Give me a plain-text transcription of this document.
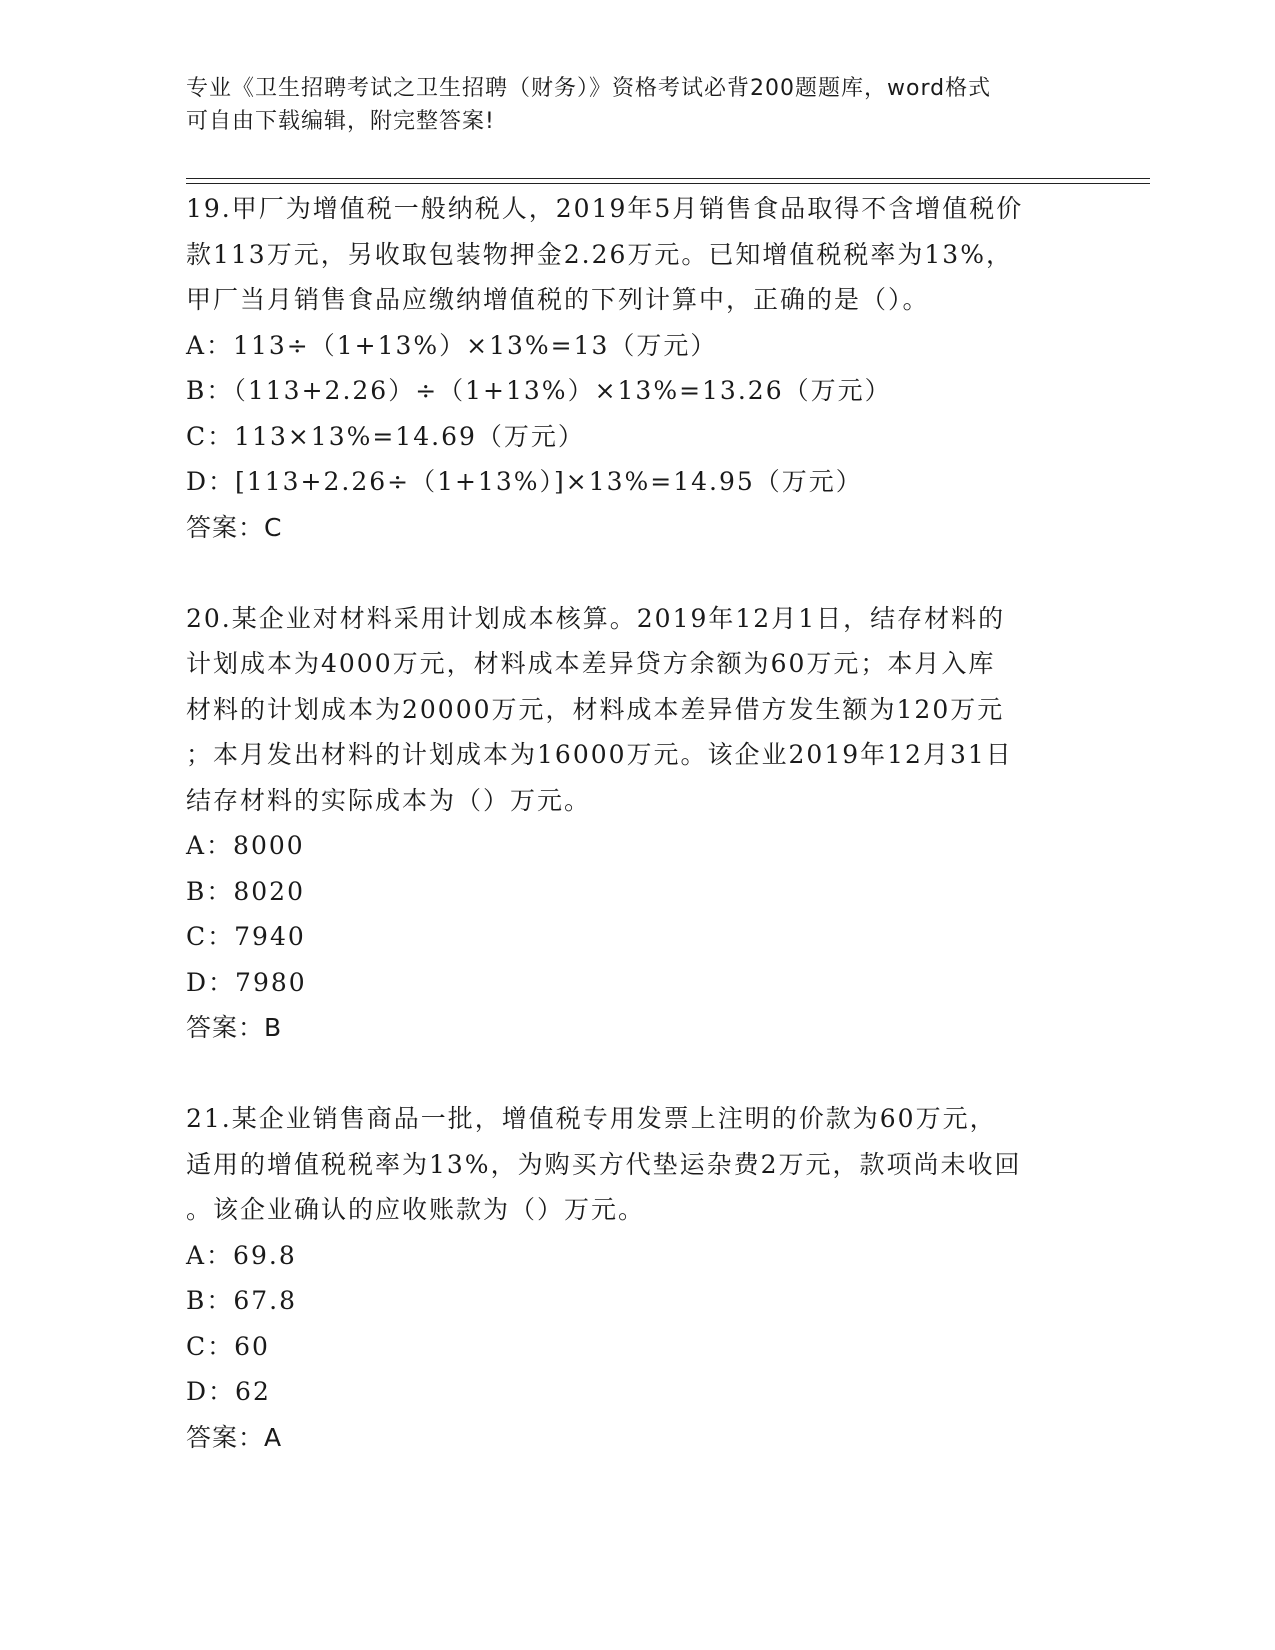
专业《卫生招聘考试之卫生招聘（财务）》资格考试必背200题题库，word格式
可自由下载编辑，附完整答案!
19.甲厂为增值税一般纳税人，2019年5月销售食品取得不含增值税价
款113万元，另收取包装物押金2.26万元。已知增值税税率为13%，
甲厂当月销售食品应缴纳增值税的下列计算中，正确的是（）。
A：113÷（1+13%）×13%=13（万元）
B：（113+2.26）÷（1+13%）×13%=13.26（万元）
C：113×13%=14.69（万元）
D：[113+2.26÷（1+13%）]×13%=14.95（万元）
答案：C
20.某企业对材料采用计划成本核算。2019年12月1日，结存材料的
计划成本为4000万元，材料成本差异贷方余额为60万元；本月入库
材料的计划成本为20000万元，材料成本差异借方发生额为120万元
；本月发出材料的计划成本为16000万元。该企业2019年12月31日
结存材料的实际成本为（）万元。
A：8000
B：8020
C：7940
D：7980
答案：B
21.某企业销售商品一批，增值税专用发票上注明的价款为60万元，
适用的增值税税率为13%，为购买方代垫运杂费2万元，款项尚未收回
。该企业确认的应收账款为（）万元。
A：69.8
B：67.8
C：60
D：62
答案：A
